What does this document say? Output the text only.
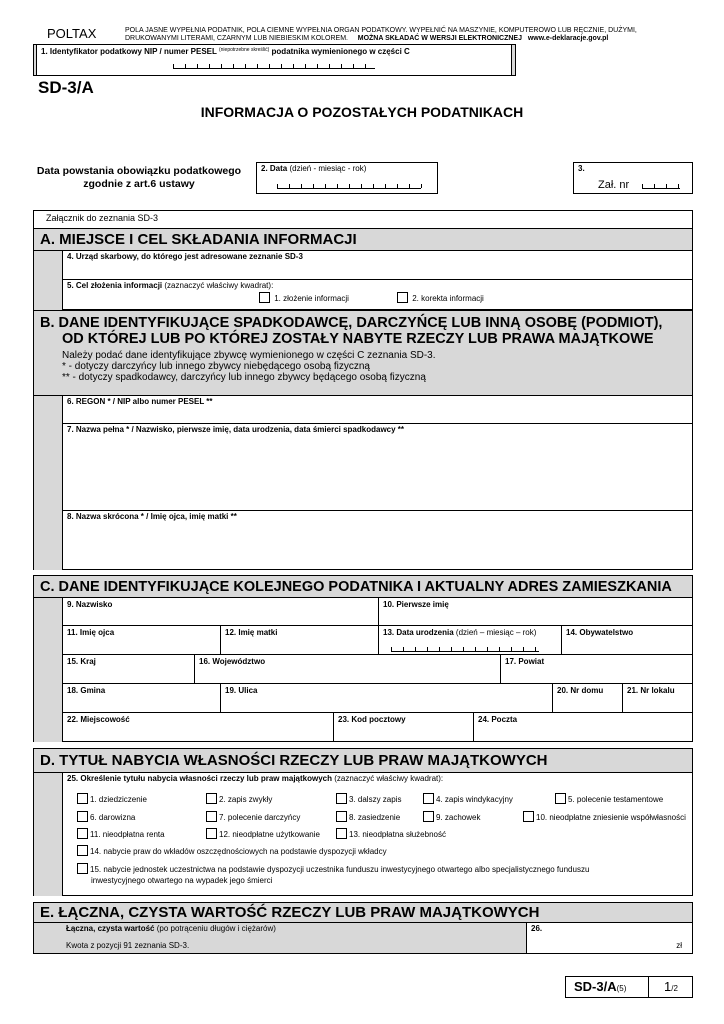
POLTAX	POLA JASNE WYPEŁNIA PODATNIK, POLA CIEMNE WYPEŁNIA ORGAN PODATKOWY. WYPEŁNIĆ NA MASZYNIE, KOMPUTEROWO LUB RĘCZNIE, DUŻYMI,
DRUKOWANYMI LITERAMI, CZARNYM LUB NIEBIESKIM KOLOREM. MOŻNA SKŁADAĆ W WERSJI ELEKTRONICZNEJ www.e-deklaracje.gov.pl
1. Identyfikator podatkowy NIP / numer PESEL $^{(niepotrzebne skreślić)}$ podatnika wymienionego w części C
SD-3/A
INFORMACJA O POZOSTAŁYCH PODATNIKACH
Data powstania obowiązku podatkowego
zgodnie z art.6 ustawy
2. Data (dzień - miesiąc - rok)	3.
Zał. nr
Załącznik do zeznania SD-3
A. MIEJSCE I CEL SKŁADANIA INFORMACJI
4. Urząd skarbowy, do którego jest adresowane zeznanie SD-3
5. Cel złożenia informacji (zaznaczyć właściwy kwadrat):
1. złożenie informacji	2. korekta informacji
B. DANE IDENTYFIKUJĄCE SPADKODAWCĘ, DARCZYŃCĘ LUB INNĄ OSOBĘ (PODMIOT),
OD KTÓREJ LUB PO KTÓREJ ZOSTAŁY NABYTE RZECZY LUB PRAWA MAJĄTKOWE
Należy podać dane identyfikujące zbywcę wymienionego w części C zeznania SD-3.
* - dotyczy darczyńcy lub innego zbywcy niebędącego osobą fizyczną
** - dotyczy spadkodawcy, darczyńcy lub innego zbywcy będącego osobą fizyczną
6. REGON * / NIP albo numer PESEL **
7. Nazwa pełna * / Nazwisko, pierwsze imię, data urodzenia, data śmierci spadkodawcy **
8. Nazwa skrócona * / Imię ojca, imię matki **
C. DANE IDENTYFIKUJĄCE KOLEJNEGO PODATNIKA I AKTUALNY ADRES ZAMIESZKANIA
9. Nazwisko	10. Pierwsze imię
11. Imię ojca	12. Imię matki	13. Data urodzenia (dzień – miesiąc – rok)	14. Obywatelstwo
15. Kraj	16. Województwo	17. Powiat
18. Gmina	19. Ulica	20. Nr domu	21. Nr lokalu
22. Miejscowość	23. Kod pocztowy	24. Poczta
D. TYTUŁ NABYCIA WŁASNOŚCI RZECZY LUB PRAW MAJĄTKOWYCH
25. Określenie tytułu nabycia własności rzeczy lub praw majątkowych (zaznaczyć właściwy kwadrat):
1. dziedziczenie	2. zapis zwykły	3. dalszy zapis	4. zapis windykacyjny	5. polecenie testamentowe
6. darowizna	7. polecenie darczyńcy	8. zasiedzenie	9. zachowek	10. nieodpłatne zniesienie współwłasności
11. nieodpłatna renta	12. nieodpłatne użytkowanie	13. nieodpłatna służebność
14. nabycie praw do wkładów oszczędnościowych na podstawie dyspozycji wkładcy
15. nabycie jednostek uczestnictwa na podstawie dyspozycji uczestnika funduszu inwestycyjnego otwartego albo specjalistycznego funduszu
inwestycyjnego otwartego na wypadek jego śmierci
E. ŁĄCZNA, CZYSTA WARTOŚĆ RZECZY LUB PRAW MAJĄTKOWYCH
Łączna, czysta wartość (po potrąceniu długów i ciężarów)
Kwota z pozycji 91 zeznania SD-3.
26.
zł
SD-3/A(5)	1/2
